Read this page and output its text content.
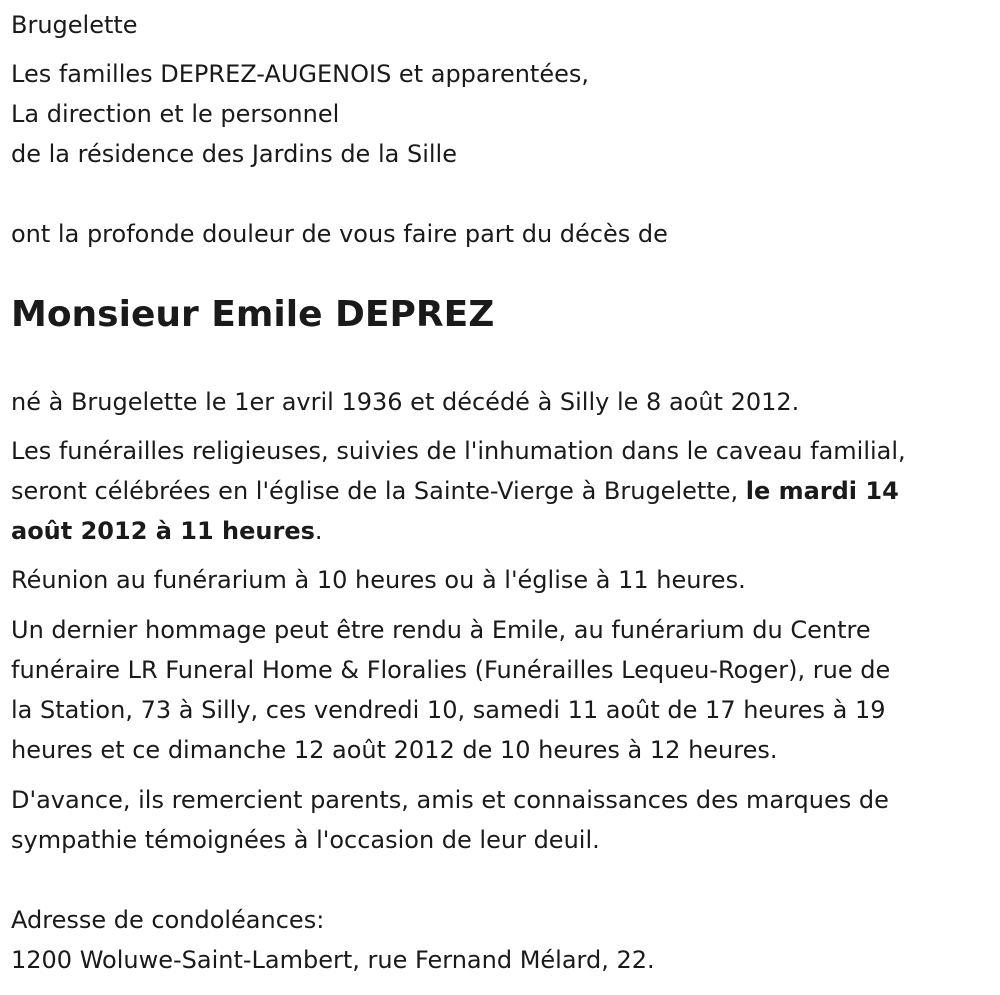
Brugelette
Les familles DEPREZ-AUGENOIS et apparentées,
La direction et le personnel
de la résidence des Jardins de la Sille
ont la profonde douleur de vous faire part du décès de
Monsieur Emile DEPREZ
né à Brugelette le 1er avril 1936 et décédé à Silly le 8 août 2012.
Les funérailles religieuses, suivies de l'inhumation dans le caveau familial,
seront célébrées en l'église de la Sainte-Vierge à Brugelette, le mardi 14
août 2012 à 11 heures.
Réunion au funérarium à 10 heures ou à l'église à 11 heures.
Un dernier hommage peut être rendu à Emile, au funérarium du Centre
funéraire LR Funeral Home & Floralies (Funérailles Lequeu-Roger), rue de
la Station, 73 à Silly, ces vendredi 10, samedi 11 août de 17 heures à 19
heures et ce dimanche 12 août 2012 de 10 heures à 12 heures.
D'avance, ils remercient parents, amis et connaissances des marques de
sympathie témoignées à l'occasion de leur deuil.
Adresse de condoléances:
1200 Woluwe-Saint-Lambert, rue Fernand Mélard, 22.
